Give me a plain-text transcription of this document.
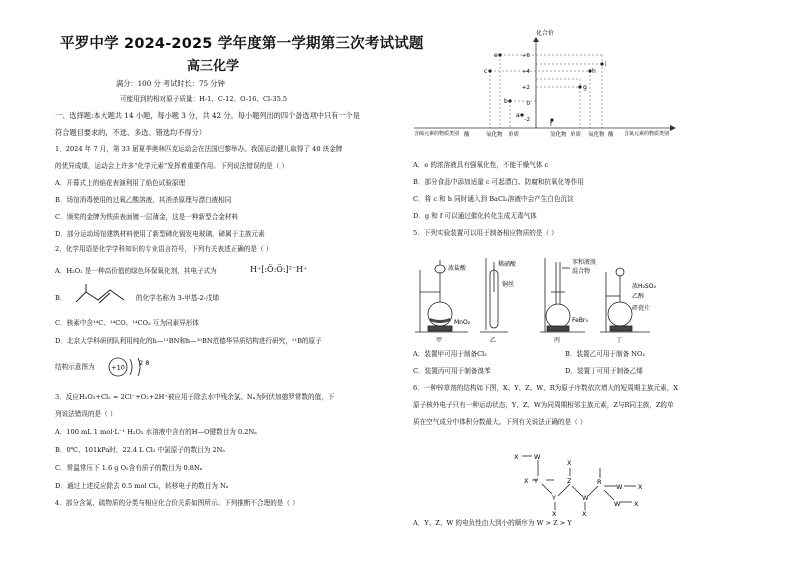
平罗中学 2024-2025 学年度第一学期第三次考试试题
高三化学
满分：100 分 考试时长：75 分钟
可能用到的相对原子质量：H-1、C-12、O-16、Cl-35.5
一、选择题:本大题共 14 小题，每小题 3 分，共 42 分。每小题列出的四个备选项中只有一个是
符合题目要求的，不选、多选、错选均不得分）
1．2024 年 7 月，第 33 届夏季奥林匹克运动会在法国巴黎举办。我国运动健儿取得了 40 块金牌
的优异成绩，运动会上许多“化学元素”发挥着重要作用。下列说法错误的是（ ）
A．开幕式上的焰花表演利用了焰色试验原理
B．场馆消毒使用的过氧乙酸溶液，其消杀原理与漂白液相同
C．颁奖的金牌为铁质表面镀一层薄金，这是一种新型合金材料
D．部分运动场馆建筑材料使用了新型碲化镉发电玻璃，碲属于主族元素
2．化学用语是化学学科知识的专业语言符号，下列有关表述正确的是（ ）
A．H₂O₂ 是一种高价值的绿色环保氧化剂，其电子式为	H⁺[:Ö:Ö:]²⁻H⁺
B．	的化学名称为 3-甲基-2-戊烯
C．核素中含¹⁴C、¹⁴CO、¹⁴CO₂ 互为同素异形体
D．北京大学科研团队利用纯化的h—¹¹BN和h—¹⁰BN范德华异质结构进行研究，¹¹B的原子
结构示意图为	+10
2 8
3．反应H₂O₂+Cl₂ = 2Cl⁻+O₂+2H⁺被应用于除去水中残余氯。Nₐ为阿伏加德罗常数的值，下
列说法错误的是（ ）
A．100 mL 1 mol·L⁻¹ H₂O₂ 水溶液中含有的H—O键数目为 0.2Nₐ
B．0℃、101kPa时，22.4 L Cl₂ 中氯原子的数目为 2Nₐ
C．常温常压下 1.6 g O₂含有质子的数目为 0.8Nₐ
D．通过上述反应除去 0.5 mol Cl₂，转移电子的数目为 Nₐ
4．部分含氮、硫物质的分类与相应化合价关系如图所示。下列推断不合理的是（ ）
化合价
+6
+4
+2
0
-2
e
c
b
a
h
i
g
f
含硫元素的物质类别	含氮元素的物质类别
酸	氧化物 单质	氢化物 单质 氧化物 酸
A．e 的浓溶液具有强氧化性，不能干燥气体 c
B．部分食品中添加适量 c 可起漂白、防腐和抗氧化等作用
C．将 c 和 h 同时通入到 BaCl₂溶液中会产生白色沉淀
D．g 和 f 可以通过催化转化生成无毒气体
5．下列实验装置可以用于制备相应物质的是（ ）
浓盐酸
MnO₂
甲
稀硝酸
铜丝
乙
苯和液溴
混合物
FeBr₃
丙
浓H₂SO₄
乙醇
碎瓷片
丁
A．装置甲可用于制备Cl₂	B．装置乙可用于制备 NO₂
C．装置丙可用于制备溴苯	D．装置丁可用于制备乙烯
6．一种锌草剂的结构如下图，X、Y、Z、W、R为原子序数依次增大的短周期主族元素，X
原子核外电子只有一种运动状态，Y、Z、W为同周期相邻主族元素，Z与R同主族，Z的单
质在空气成分中体积分数最大。下列有关说法正确的是（ ）
X W
Y
X
X
Y
Z	R
X
W
X
W X
W X
A．Y、Z、W 的电负性由大到小的顺序为 W > Z > Y
